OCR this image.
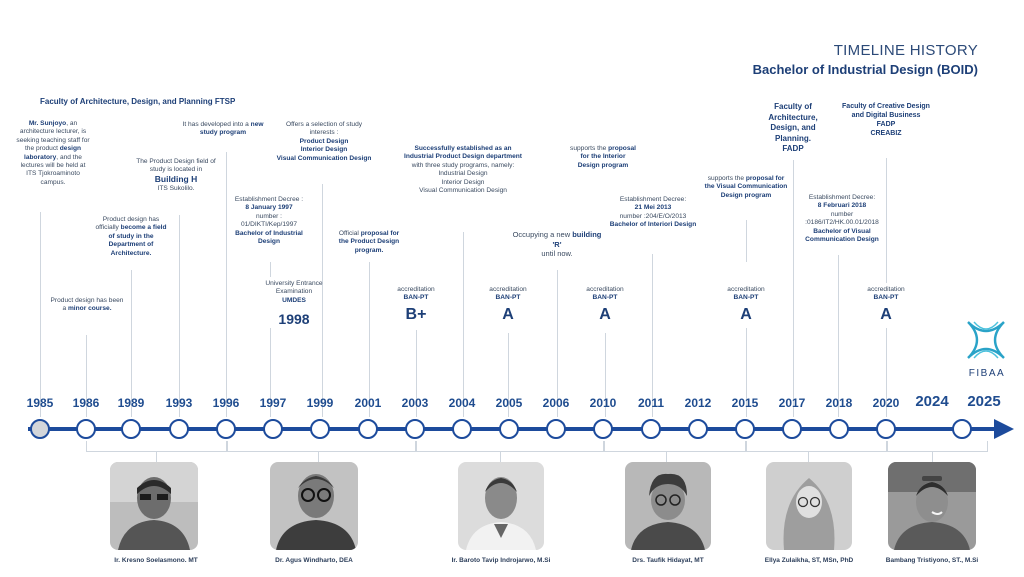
TIMELINE HISTORY
Bachelor of Industrial Design (BOID)
Faculty of Architecture, Design, and Planning FTSP
Mr. Sunjoyo, an architecture lecturer, is seeking teaching staff for the product design laboratory, and the lectures will be held at ITS Tjokroaminoto campus.
Product design has been a minor course.
Product design has officially become a field of study in the Department of Architecture.
The Product Design field of study is located in
Building H
ITS Sukolilo.
It has developed into a new study program
Establishment Decree :
8 January 1997
number :
01/DIKTI/Kep/1997
Bachelor of Industrial Design
University Entrance Examination
UMDES
1998
Offers a selection of study interests :
Product Design
Interior Design
Visual Communication Design
Official proposal for the Product Design program.
accreditation
BAN-PT
B+
Successfully established as an Industrial Product Design department
with three study programs, namely:
Industrial Design
Interior Design
Visual Communication Design
accreditation
BAN-PT
A
Occupying a new building 'R'
until now.
supports the proposal for the Interior Design program
accreditation
BAN-PT
A
Establishment Decree:
21 Mei 2013
number :204/E/O/2013
Bachelor of Interiori Design
supports the proposal for the Visual Communication Design program
accreditation
BAN-PT
A
Faculty of Architecture, Design, and Planning.
FADP
Faculty of Creative Design and Digital Business
FADP
CREABIZ
Establishment Decree:
8 Februari 2018
number
:0186/IT2/HK.00.01/2018
Bachelor of Visual Communication Design
accreditation
BAN-PT
A
FIBAA
1985	1986	1989	1993	1996	1997	1999	2001	2003	2004	2005	2006	2010	2011	2012	2015	2017	2018	2020	2024	2025
Ir. Kresno Soelasmono. MT	Dr. Agus Windharto, DEA	Ir. Baroto Tavip Indrojarwo, M.Si	Drs. Taufik Hidayat, MT	Ellya Zulaikha, ST, MSn, PhD	Bambang Tristiyono, ST., M.Si
